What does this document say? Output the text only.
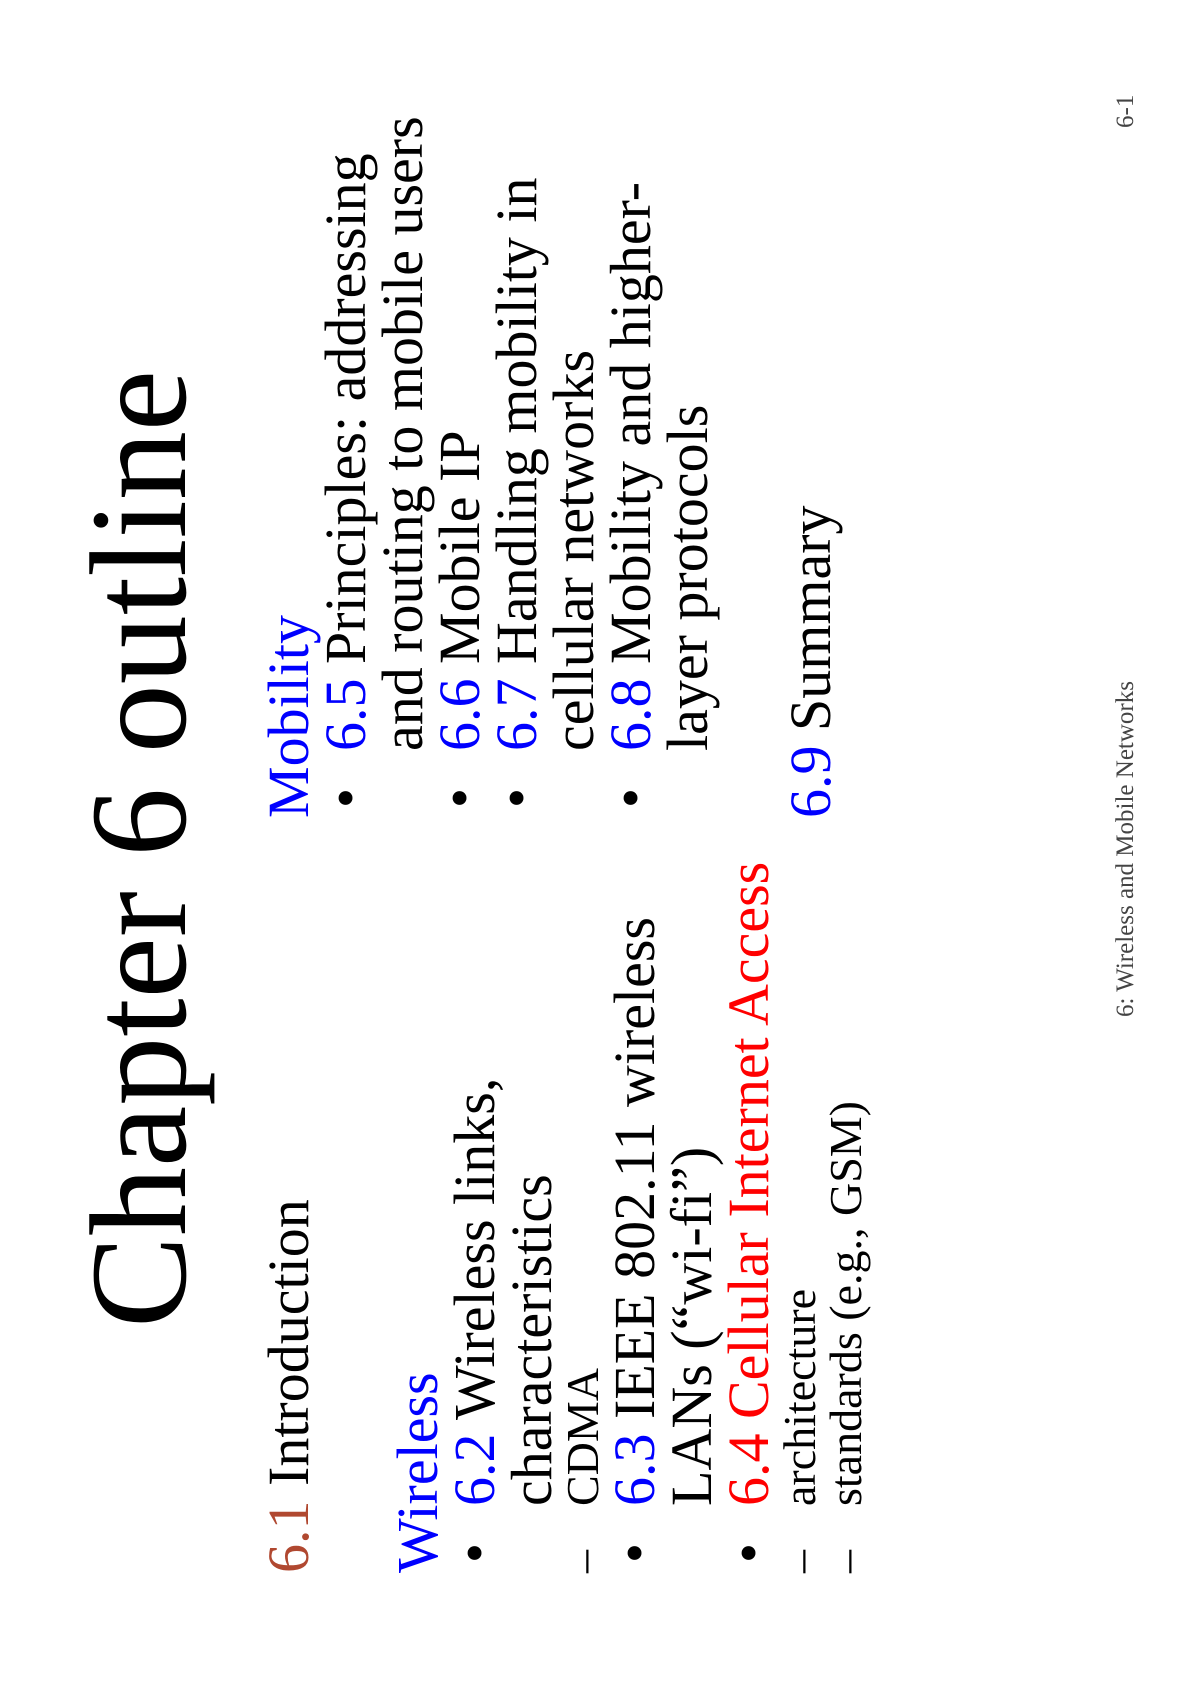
Chapter 6 outline
6.1 Introduction Wireless
•
6.2 Wireless links,
characteristics
–
CDMA
•
6.3 IEEE 802.11 wireless
LANs (“wi-fi”)
•
6.4 Cellular Internet Access
–
architecture
–
standards (e.g., GSM)
Mobility
•
6.5 Principles: addressing
and routing to mobile users
•
6.6 Mobile IP
•
6.7 Handling mobility in
cellular networks
•
6.8 Mobility and higher-
layer protocols
6.9 Summary
6: Wireless and Mobile Networks
6-1
